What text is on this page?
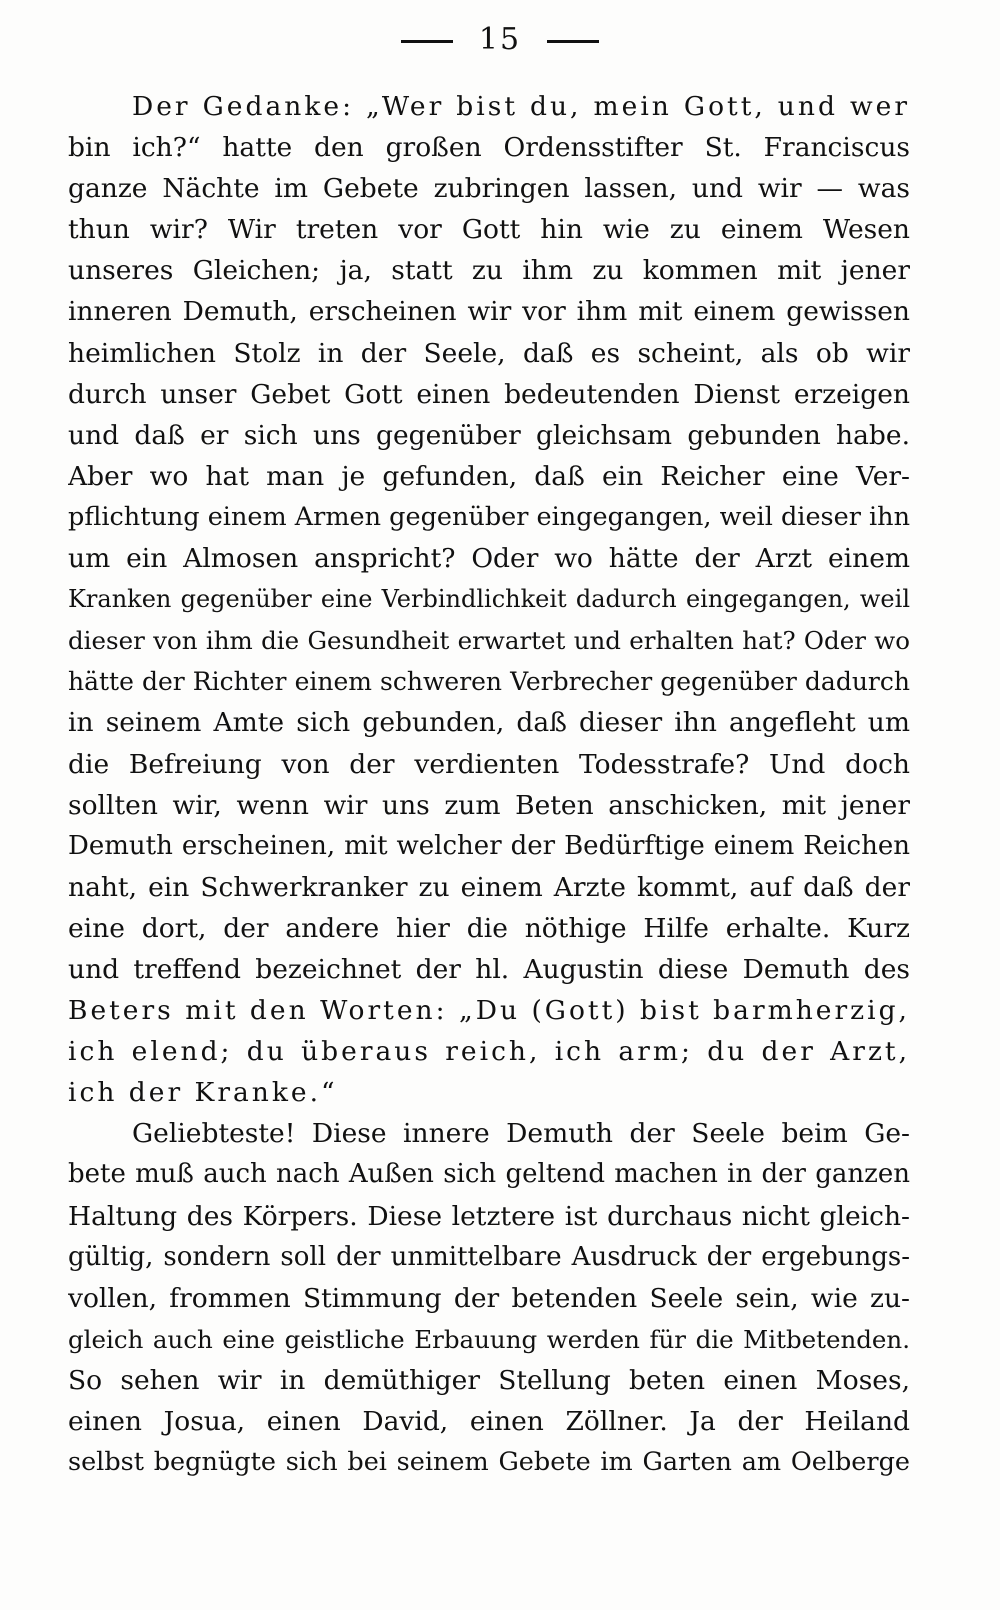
15
Der Gedanke: „Wer bist du, mein Gott, und wer
bin ich?“ hatte den großen Ordensstifter St. Franciscus
ganze Nächte im Gebete zubringen lassen, und wir — was
thun wir? Wir treten vor Gott hin wie zu einem Wesen
unseres Gleichen; ja, statt zu ihm zu kommen mit jener
inneren Demuth, erscheinen wir vor ihm mit einem gewissen
heimlichen Stolz in der Seele, daß es scheint, als ob wir
durch unser Gebet Gott einen bedeutenden Dienst erzeigen
und daß er sich uns gegenüber gleichsam gebunden habe.
Aber wo hat man je gefunden, daß ein Reicher eine Ver-
pflichtung einem Armen gegenüber eingegangen, weil dieser ihn
um ein Almosen anspricht? Oder wo hätte der Arzt einem
Kranken gegenüber eine Verbindlichkeit dadurch eingegangen, weil
dieser von ihm die Gesundheit erwartet und erhalten hat? Oder wo
hätte der Richter einem schweren Verbrecher gegenüber dadurch
in seinem Amte sich gebunden, daß dieser ihn angefleht um
die Befreiung von der verdienten Todesstrafe? Und doch
sollten wir, wenn wir uns zum Beten anschicken, mit jener
Demuth erscheinen, mit welcher der Bedürftige einem Reichen
naht, ein Schwerkranker zu einem Arzte kommt, auf daß der
eine dort, der andere hier die nöthige Hilfe erhalte. Kurz
und treffend bezeichnet der hl. Augustin diese Demuth des
Beters mit den Worten: „Du (Gott) bist barmherzig,
ich elend; du überaus reich, ich arm; du der Arzt,
ich der Kranke.“
Geliebteste! Diese innere Demuth der Seele beim Ge-
bete muß auch nach Außen sich geltend machen in der ganzen
Haltung des Körpers. Diese letztere ist durchaus nicht gleich-
gültig, sondern soll der unmittelbare Ausdruck der ergebungs-
vollen, frommen Stimmung der betenden Seele sein, wie zu-
gleich auch eine geistliche Erbauung werden für die Mitbetenden.
So sehen wir in demüthiger Stellung beten einen Moses,
einen Josua, einen David, einen Zöllner. Ja der Heiland
selbst begnügte sich bei seinem Gebete im Garten am Oelberge
